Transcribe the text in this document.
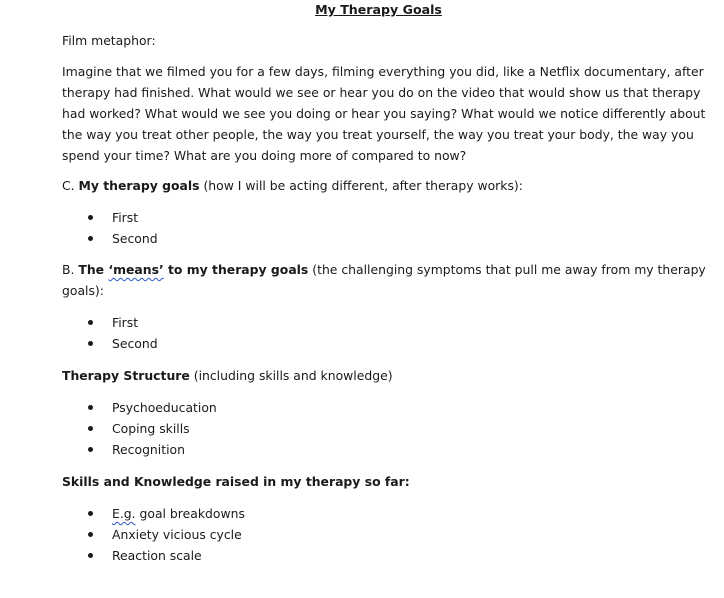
My Therapy Goals

Film metaphor:

Imagine that we filmed you for a few days, filming everything you did, like a Netflix documentary, after therapy had finished. What would we see or hear you do on the video that would show us that therapy had worked? What would we see you doing or hear you saying? What would we notice differently about the way you treat other people, the way you treat yourself, the way you treat your body, the way you spend your time? What are you doing more of compared to now?

C. My therapy goals (how I will be acting different, after therapy works):

First
Second

B. The ‘means’ to my therapy goals (the challenging symptoms that pull me away from my therapy goals):

First
Second

Therapy Structure (including skills and knowledge)

Psychoeducation
Coping skills
Recognition

Skills and Knowledge raised in my therapy so far:

E.g. goal breakdowns
Anxiety vicious cycle
Reaction scale
